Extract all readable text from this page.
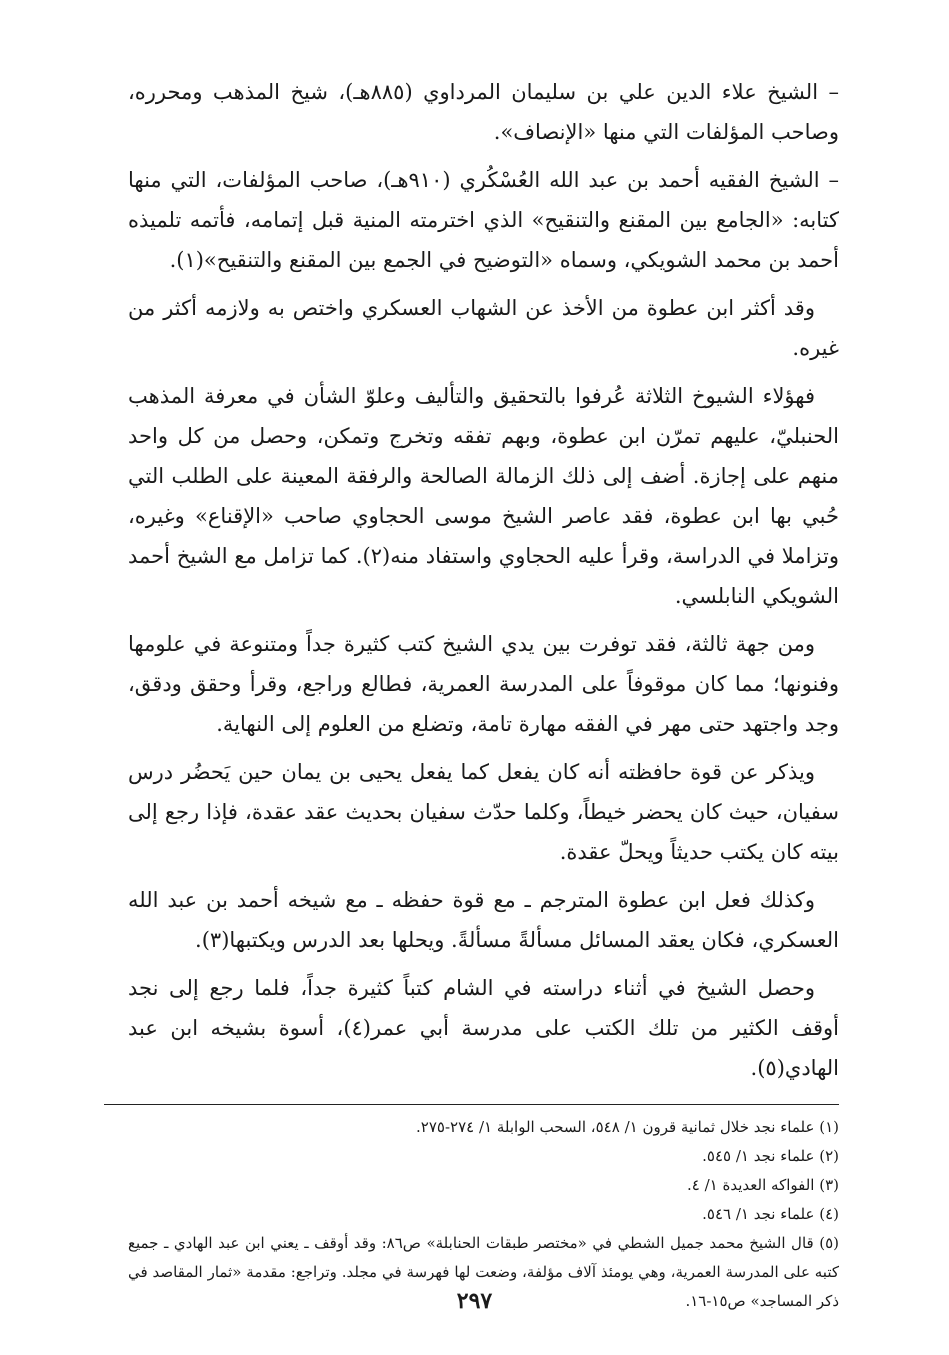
– الشيخ علاء الدين علي بن سليمان المرداوي (٨٨٥هـ)، شيخ المذهب ومحرره، وصاحب المؤلفات التي منها «الإنصاف».

– الشيخ الفقيه أحمد بن عبد الله العُسْكُري (٩١٠هـ)، صاحب المؤلفات، التي منها كتابه: «الجامع بين المقنع والتنقيح» الذي اخترمته المنية قبل إتمامه، فأتمه تلميذه أحمد بن محمد الشويكي، وسماه «التوضيح في الجمع بين المقنع والتنقيح»(١).

وقد أكثر ابن عطوة من الأخذ عن الشهاب العسكري واختص به ولازمه أكثر من غيره.

فهؤلاء الشيوخ الثلاثة عُرفوا بالتحقيق والتأليف وعلوّ الشأن في معرفة المذهب الحنبليّ، عليهم تمرّن ابن عطوة، وبهم تفقه وتخرج وتمكن، وحصل من كل واحد منهم على إجازة. أضف إلى ذلك الزمالة الصالحة والرفقة المعينة على الطلب التي حُبي بها ابن عطوة، فقد عاصر الشيخ موسى الحجاوي صاحب «الإقناع» وغيره، وتزاملا في الدراسة، وقرأ عليه الحجاوي واستفاد منه(٢). كما تزامل مع الشيخ أحمد الشويكي النابلسي.

ومن جهة ثالثة، فقد توفرت بين يدي الشيخ كتب كثيرة جداً ومتنوعة في علومها وفنونها؛ مما كان موقوفاً على المدرسة العمرية، فطالع وراجع، وقرأ وحقق ودقق، وجد واجتهد حتى مهر في الفقه مهارة تامة، وتضلع من العلوم إلى النهاية.

ويذكر عن قوة حافظته أنه كان يفعل كما يفعل يحيى بن يمان حين يَحضُر درس سفيان، حيث كان يحضر خيطاً، وكلما حدّث سفيان بحديث عقد عقدة، فإذا رجع إلى بيته كان يكتب حديثاً ويحلّ عقدة.

وكذلك فعل ابن عطوة المترجم ـ مع قوة حفظه ـ مع شيخه أحمد بن عبد الله العسكري، فكان يعقد المسائل مسألةً مسألةً. ويحلها بعد الدرس ويكتبها(٣).

وحصل الشيخ في أثناء دراسته في الشام كتباً كثيرة جداً، فلما رجع إلى نجد أوقف الكثير من تلك الكتب على مدرسة أبي عمر(٤)، أسوة بشيخه ابن عبد الهادي(٥).

(١) علماء نجد خلال ثمانية قرون ١/ ٥٤٨، السحب الوابلة ١/ ٢٧٤-٢٧٥.

(٢) علماء نجد ١/ ٥٤٥.

(٣) الفواكه العديدة ١/ ٤.

(٤) علماء نجد ١/ ٥٤٦.

(٥) قال الشيخ محمد جميل الشطي في «مختصر طبقات الحنابلة» ص٨٦: وقد أوقف ـ يعني ابن عبد الهادي ـ جميع كتبه على المدرسة العمرية، وهي يومئذ آلاف مؤلفة، وضعت لها فهرسة في مجلد. وتراجع: مقدمة «ثمار المقاصد في ذكر المساجد» ص١٥-١٦.

٢٩٧
